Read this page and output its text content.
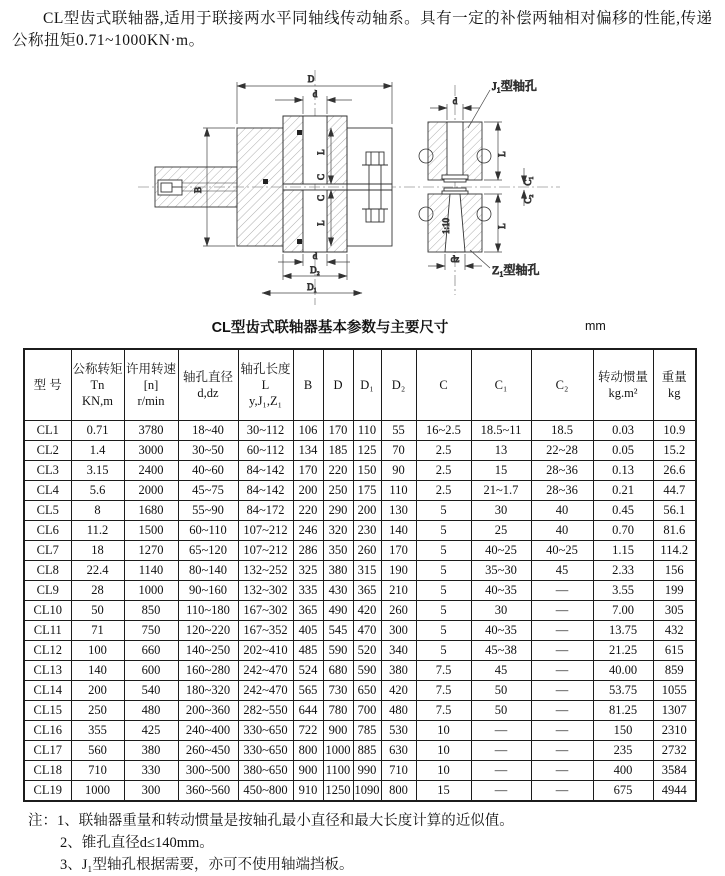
CL型齿式联轴器,适用于联接两水平同轴线传动轴系。具有一定的补偿两轴相对偏移的性能,传递公称扭矩0.71~1000KN·m。
D
d
B
L
C
C
L
d
D₂
D₁
1:10
d
L
L
C₁
C₂
dz
J₁型轴孔
Z₁型轴孔
CL型齿式联轴器基本参数与主要尺寸	mm
型 号

公称转矩
Tn
KN,m

许用转速
[n]
r/min

轴孔直径
d,dz

轴孔长度
L
y,J₁,Z₁

B	D	D₁	D₂	C	C₁	C₂

转动惯量
kg.m²

重量
kg

CL1	0.71	3780	18~40	30~112	106	170	110	55	16~2.5	18.5~11	18.5	0.03	10.9
CL2	1.4	3000	30~50	60~112	134	185	125	70	2.5	13	22~28	0.05	15.2
CL3	3.15	2400	40~60	84~142	170	220	150	90	2.5	15	28~36	0.13	26.6
CL4	5.6	2000	45~75	84~142	200	250	175	110	2.5	21~1.7	28~36	0.21	44.7
CL5	8	1680	55~90	84~172	220	290	200	130	5	30	40	0.45	56.1
CL6	11.2	1500	60~110	107~212	246	320	230	140	5	25	40	0.70	81.6
CL7	18	1270	65~120	107~212	286	350	260	170	5	40~25	40~25	1.15	114.2
CL8	22.4	1140	80~140	132~252	325	380	315	190	5	35~30	45	2.33	156
CL9	28	1000	90~160	132~302	335	430	365	210	5	40~35	—	3.55	199
CL10	50	850	110~180	167~302	365	490	420	260	5	30	—	7.00	305
CL11	71	750	120~220	167~352	405	545	470	300	5	40~35	—	13.75	432
CL12	100	660	140~250	202~410	485	590	520	340	5	45~38	—	21.25	615
CL13	140	600	160~280	242~470	524	680	590	380	7.5	45	—	40.00	859
CL14	200	540	180~320	242~470	565	730	650	420	7.5	50	—	53.75	1055
CL15	250	480	200~360	282~550	644	780	700	480	7.5	50	—	81.25	1307
CL16	355	425	240~400	330~650	722	900	785	530	10	—	—	150	2310
CL17	560	380	260~450	330~650	800	1000	885	630	10	—	—	235	2732
CL18	710	330	300~500	380~650	900	1100	990	710	10	—	—	400	3584
CL19	1000	300	360~560	450~800	910	1250	1090	800	15	—	—	675	4944
注：1、联轴器重量和转动惯量是按轴孔最小直径和最大长度计算的近似值。
2、锥孔直径d≤140mm。
3、J₁型轴孔根据需要，亦可不使用轴端挡板。
